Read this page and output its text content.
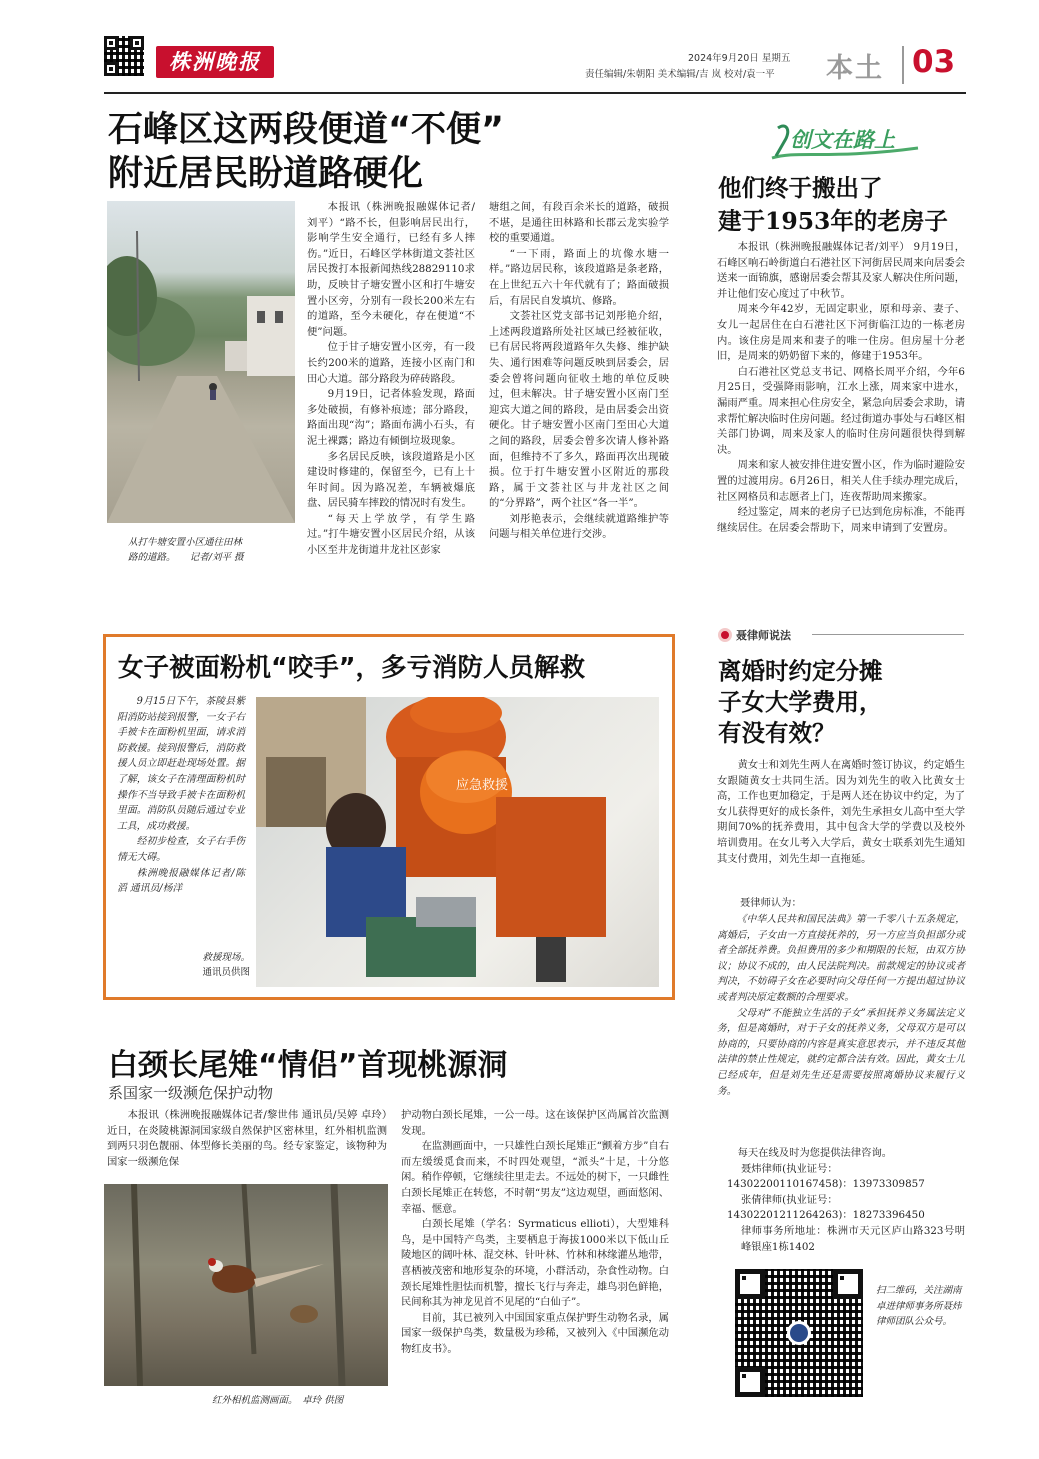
株洲晚报	2024年9月20日 星期五
责任编辑/朱朝阳 美术编辑/吉 岚 校对/袁一平 本土 03
石峰区这两段便道“不便”
附近居民盼道路硬化
从打牛塘安置小区通往田林
路的道路。　　记者/刘平 摄

本报讯（株洲晚报融媒体记者/刘平）“路不长，但影响居民出行，影响学生安全通行，已经有多人摔伤。”近日，石峰区学林街道文荟社区居民拨打本报新闻热线28829110求助，反映甘子塘安置小区和打牛塘安置小区旁，分别有一段长200米左右的道路，至今未硬化，存在便道“不便”问题。

位于甘子塘安置小区旁，有一段长约200米的道路，连接小区南门和田心大道。部分路段为碎砖路段。

9月19日，记者体验发现，路面多处破损，有修补痕迹；部分路段，路面出现“沟”；路面布满小石头，有泥土裸露；路边有倾倒垃圾现象。

多名居民反映，该段道路是小区建设时修建的，保留至今，已有上十年时间。因为路况差，车辆被爆底盘、居民骑车摔跤的情况时有发生。

“每天上学放学，有学生路过。”打牛塘安置小区居民介绍，从该小区至井龙街道井龙社区彭家

塘组之间，有段百余米长的道路，破损不堪，是通往田林路和长郡云龙实验学校的重要通道。

“一下雨，路面上的坑像水塘一样。”路边居民称，该段道路是条老路，在上世纪五六十年代就有了；路面破损后，有居民自发填坑、修路。

文荟社区党支部书记刘彤艳介绍，上述两段道路所处社区域已经被征收，已有居民将两段道路年久失修、维护缺失、通行困难等问题反映到居委会，居委会曾将问题向征收土地的单位反映过，但未解决。甘子塘安置小区南门至迎宾大道之间的路段，是由居委会出资硬化。甘子塘安置小区南门至田心大道之间的路段，居委会曾多次请人修补路面，但维持不了多久，路面再次出现破损。位于打牛塘安置小区附近的那段路，属于文荟社区与井龙社区之间的“分界路”，两个社区“各一半”。

刘彤艳表示，会继续就道路维护等问题与相关单位进行交涉。

女子被面粉机“咬手”，多亏消防人员解救

9月15日下午，茶陵县紫阳消防站接到报警，一女子右手被卡在面粉机里面，请求消防救援。接到报警后，消防救援人员立即赶赴现场处置。据了解，该女子在清理面粉机时操作不当导致手被卡在面粉机里面。消防队员随后通过专业工具，成功救援。

经初步检查，女子右手伤情无大碍。

株洲晚报融媒体记者/陈滔 通讯员/杨洋

应急救援
救援现场。
通讯员供图
白颈长尾雉“情侣”首现桃源洞
系国家一级濒危保护动物

本报讯（株洲晚报融媒体记者/黎世伟 通讯员/吴婷 卓玲）近日，在炎陵桃源洞国家级自然保护区密林里，红外相机监测到两只羽色靓丽、体型修长美丽的鸟。经专家鉴定，该物种为国家一级濒危保

红外相机监测画面。　卓玲 供图

护动物白颈长尾雉，一公一母。这在该保护区尚属首次监测发现。

在监测画面中，一只雄性白颈长尾雉正“颤着方步”自右而左缓缓觅食而来，不时四处观望，“派头”十足，十分悠闲。稍作停顿，它继续往里走去。不远处的树下，一只雌性白颈长尾雉正在转悠，不时朝“男友”这边观望，画面悠闲、幸福、惬意。

白颈长尾雉（学名：Syrmaticus ellioti），大型雉科鸟，是中国特产鸟类，主要栖息于海拔1000米以下低山丘陵地区的阔叶林、混交林、针叶林、竹林和林缘灌丛地带，喜栖被茂密和地形复杂的环境，小群活动，杂食性动物。白颈长尾雉性胆怯而机警，擅长飞行与奔走，雄鸟羽色鲜艳，民间称其为神龙见首不见尾的“白仙子”。

目前，其已被列入中国国家重点保护野生动物名录，属国家一级保护鸟类，数量极为珍稀，又被列入《中国濒危动物红皮书》。

创文在路上
他们终于搬出了
建于1953年的老房子

本报讯（株洲晚报融媒体记者/刘平） 9月19日，石峰区响石岭街道白石港社区下河街居民周来向居委会送来一面锦旗，感谢居委会帮其及家人解决住所问题，并让他们安心度过了中秋节。

周来今年42岁，无固定职业，原和母亲、妻子、女儿一起居住在白石港社区下河街临江边的一栋老房内。该住房是周来和妻子的唯一住房。但房屋十分老旧，是周来的奶奶留下来的，修建于1953年。

白石港社区党总支书记、网格长周平介绍，今年6月25日，受强降雨影响，江水上涨，周来家中进水，漏雨严重。周来担心住房安全，紧急向居委会求助，请求帮忙解决临时住房问题。经过街道办事处与石峰区相关部门协调，周来及家人的临时住房问题很快得到解决。

周来和家人被安排住进安置小区，作为临时避险安置的过渡用房。6月26日，相关人住手续办理完成后，社区网格员和志愿者上门，连夜帮助周来搬家。

经过鉴定，周来的老房子已达到危房标准，不能再继续居住。在居委会帮助下，周来申请到了安置房。

聂律师说法
离婚时约定分摊
子女大学费用，
有没有效？

黄女士和刘先生两人在离婚时签订协议，约定婚生女跟随黄女士共同生活。因为刘先生的收入比黄女士高，工作也更加稳定，于是两人还在协议中约定，为了女儿获得更好的成长条件，刘先生承担女儿高中至大学期间70%的抚养费用，其中包含大学的学费以及校外培训费用。在女儿考入大学后，黄女士联系刘先生通知其支付费用，刘先生却一直拖延。

聂律师认为：

《中华人民共和国民法典》第一千零八十五条规定，离婚后，子女由一方直接抚养的，另一方应当负担部分或者全部抚养费。负担费用的多少和期限的长短，由双方协议；协议不成的，由人民法院判决。前款规定的协议或者判决，不妨碍子女在必要时向父母任何一方提出超过协议或者判决原定数额的合理要求。

父母对“不能独立生活的子女”承担抚养义务属法定义务，但是离婚时，对于子女的抚养义务，父母双方是可以协商的，只要协商的内容是真实意思表示，并不违反其他法律的禁止性规定，就约定都合法有效。因此，黄女士儿已经成年，但是刘先生还是需要按照离婚协议来履行义务。

每天在线及时为您提供法律咨询。

聂炜律师(执业证号：
14302200110167458)：13973309857
张倩律师(执业证号：
14302201211264263)：18273396450
律师事务所地址：株洲市天元区庐山路323号明峰银座1栋1402
扫二维码，关注湖南卓进律师事务所聂炜律师团队公众号。
